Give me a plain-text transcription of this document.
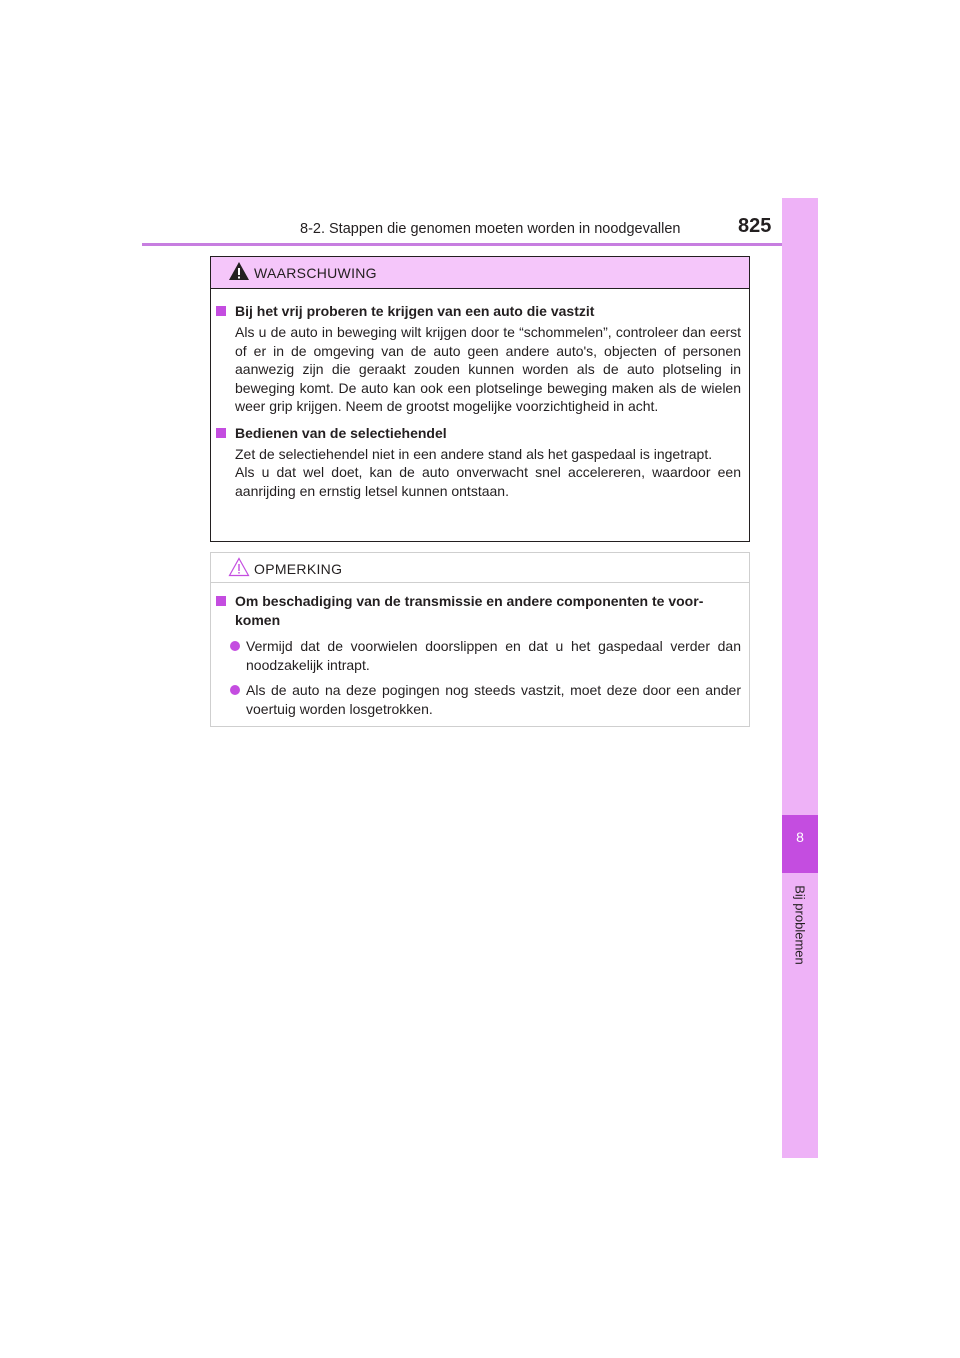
8-2. Stappen die genomen moeten worden in noodgevallen	825
8
Bij problemen
WAARSCHUWING
Bij het vrij proberen te krijgen van een auto die vastzit
Als u de auto in beweging wilt krijgen door te “schommelen”, controleer dan eerst of er in de omgeving van de auto geen andere auto's, objecten of personen aanwezig zijn die geraakt zouden kunnen worden als de auto plotseling in beweging komt. De auto kan ook een plotselinge beweging maken als de wielen weer grip krijgen. Neem de grootst mogelijke voorzichtigheid in acht.
Bedienen van de selectiehendel
Zet de selectiehendel niet in een andere stand als het gaspedaal is ingetrapt.
Als u dat wel doet, kan de auto onverwacht snel accelereren, waardoor een aanrijding en ernstig letsel kunnen ontstaan.
OPMERKING
Om beschadiging van de transmissie en andere componenten te voorkomen
Vermijd dat de voorwielen doorslippen en dat u het gaspedaal verder dan noodzakelijk intrapt.
Als de auto na deze pogingen nog steeds vastzit, moet deze door een ander voertuig worden losgetrokken.
